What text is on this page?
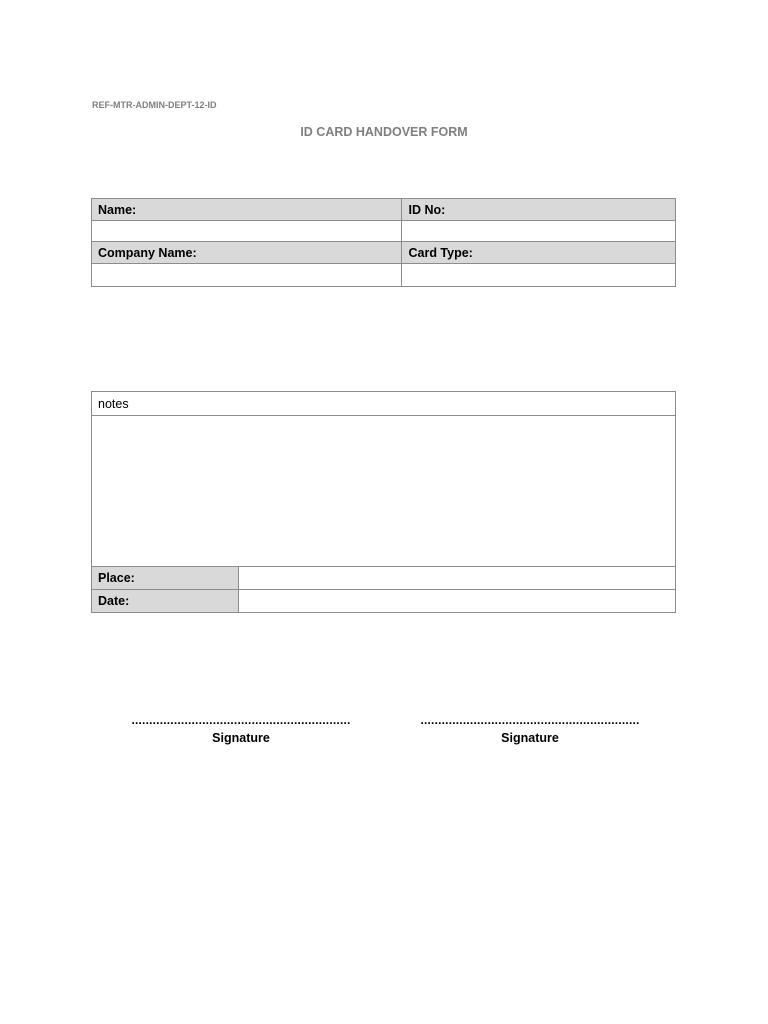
REF-MTR-ADMIN-DEPT-12-ID
ID CARD HANDOVER FORM
Name:	ID No:

Company Name:	Card Type:

notes	

Place:	
Date:	
..............................................................
Signature
..............................................................
Signature
